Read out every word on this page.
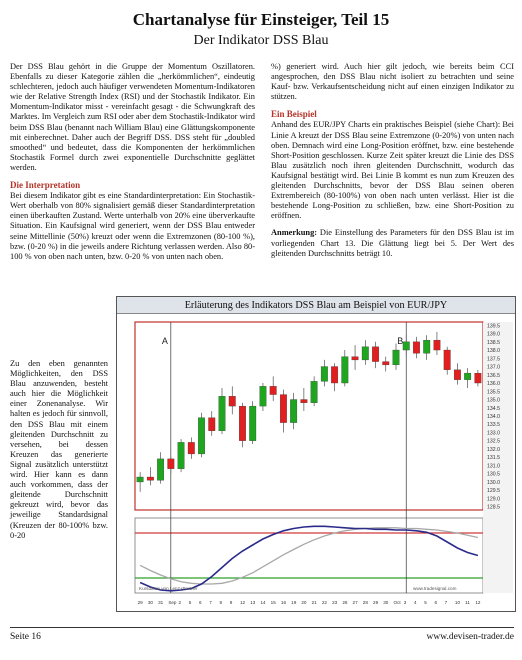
Chartanalyse für Einsteiger, Teil 15
Der Indikator DSS Blau

Der DSS Blau gehört in die Gruppe der Momentum Oszillatoren. Ebenfalls zu dieser Kategorie zählen die „herkömmlichen“, eindeutig schlechteren, jedoch auch häufiger verwendeten Momentum-Indikatoren wie der Relative Strength Index (RSI) und der Stochastik Indikator. Ein Momentum-Indikator misst - vereinfacht gesagt - die Schwungkraft des Marktes. Im Vergleich zum RSI oder aber dem Stochastik-Indikator wird beim DSS Blau (benannt nach William Blau) eine Glättungskomponente mit einberechnet. Daher auch der Begriff DSS. DSS steht für „doubled smoothed“ und bedeutet, dass die Komponenten der herkömmlichen Stochastik Formel durch zwei exponentielle Durchschnitte geglättet werden.

Die Interpretation

Bei diesem Indikator gibt es eine Standardinterpretation: Ein Stochastik-Wert oberhalb von 80% signalisiert gemäß dieser Standardinterpretation einen überkauften Zustand. Werte unterhalb von 20% eine überverkaufte Situation. Ein Kaufsignal wird generiert, wenn der DSS Blau entweder seine Mittellinie (50%) kreuzt oder wenn die Extremzonen (80-100 %), bzw. (0-20 %) in die jeweils andere Richtung verlassen werden. Also 80-100 % von oben nach unten, bzw. 0-20 % von unten nach oben.

Zu den eben genannten Möglichkeiten, den DSS Blau anzuwenden, besteht auch hier die Möglichkeit einer Zonenanalyse. Wir halten es jedoch für sinnvoll, den DSS Blau mit einem gleitenden Durchschnitt zu versehen, bei dessen Kreuzen das generierte Signal zusätzlich unterstützt wird. Hier kann es dann auch vorkommen, dass der gleitende Durchschnitt gekreuzt wird, bevor das jeweilige Standardsignal (Kreuzen der 80-100% bzw. 0-20

%) generiert wird. Auch hier gilt jedoch, wie bereits beim CCI angesprochen, den DSS Blau nicht isoliert zu betrachten und seine Kauf- bzw. Verkaufsentscheidung nicht auf einen einzigen Indikator zu stützen.

Ein Beispiel

Anhand des EUR/JPY Charts ein praktisches Beispiel (siehe Chart): Bei Linie A kreuzt der DSS Blau seine Extremzone (0-20%) von unten nach oben. Demnach wird eine Long-Position eröffnet, bzw. eine bestehende Short-Position geschlossen. Kurze Zeit später kreuzt die Linie des DSS Blau zusätzlich noch ihren gleitenden Durchschnitt, wodurch das Kaufsignal bestätigt wird. Bei Linie B kommt es nun zum Kreuzen des gleitenden Durchschnitts, bevor der DSS Blau seinen oberen Extrembereich (80-100%) von oben nach unten verlässt. Hier ist die bestehende Long-Position zu schließen, bzw. eine Short-Position zu eröffnen.

Anmerkung: Die Einstellung des Parameters für den DSS Blau ist im vorliegenden Chart 13. Die Glättung liegt bei 5. Der Wert des gleitenden Durchschnitts beträgt 10.

Erläuterung des Indikators DSS Blau am Beispiel von EUR/JPY
139.5
139.0
138.5
138.0
137.5
137.0
136.5
136.0
135.5
135.0
134.5
134.0
133.5
133.0
132.5
132.0
131.5
131.0
130.5
130.0
129.5
129.0
128.5
A	B
29 30 31 Sep 2 5 6 7 8 9 12 13 14 15 16 19 20 21 22 23 26 27 28 29 30 Oct 3 4 5 6 7 10 11 12
www.tradesignal.com
Kursdaten von Lenz+Partner
Seite 16	www.devisen-trader.de
